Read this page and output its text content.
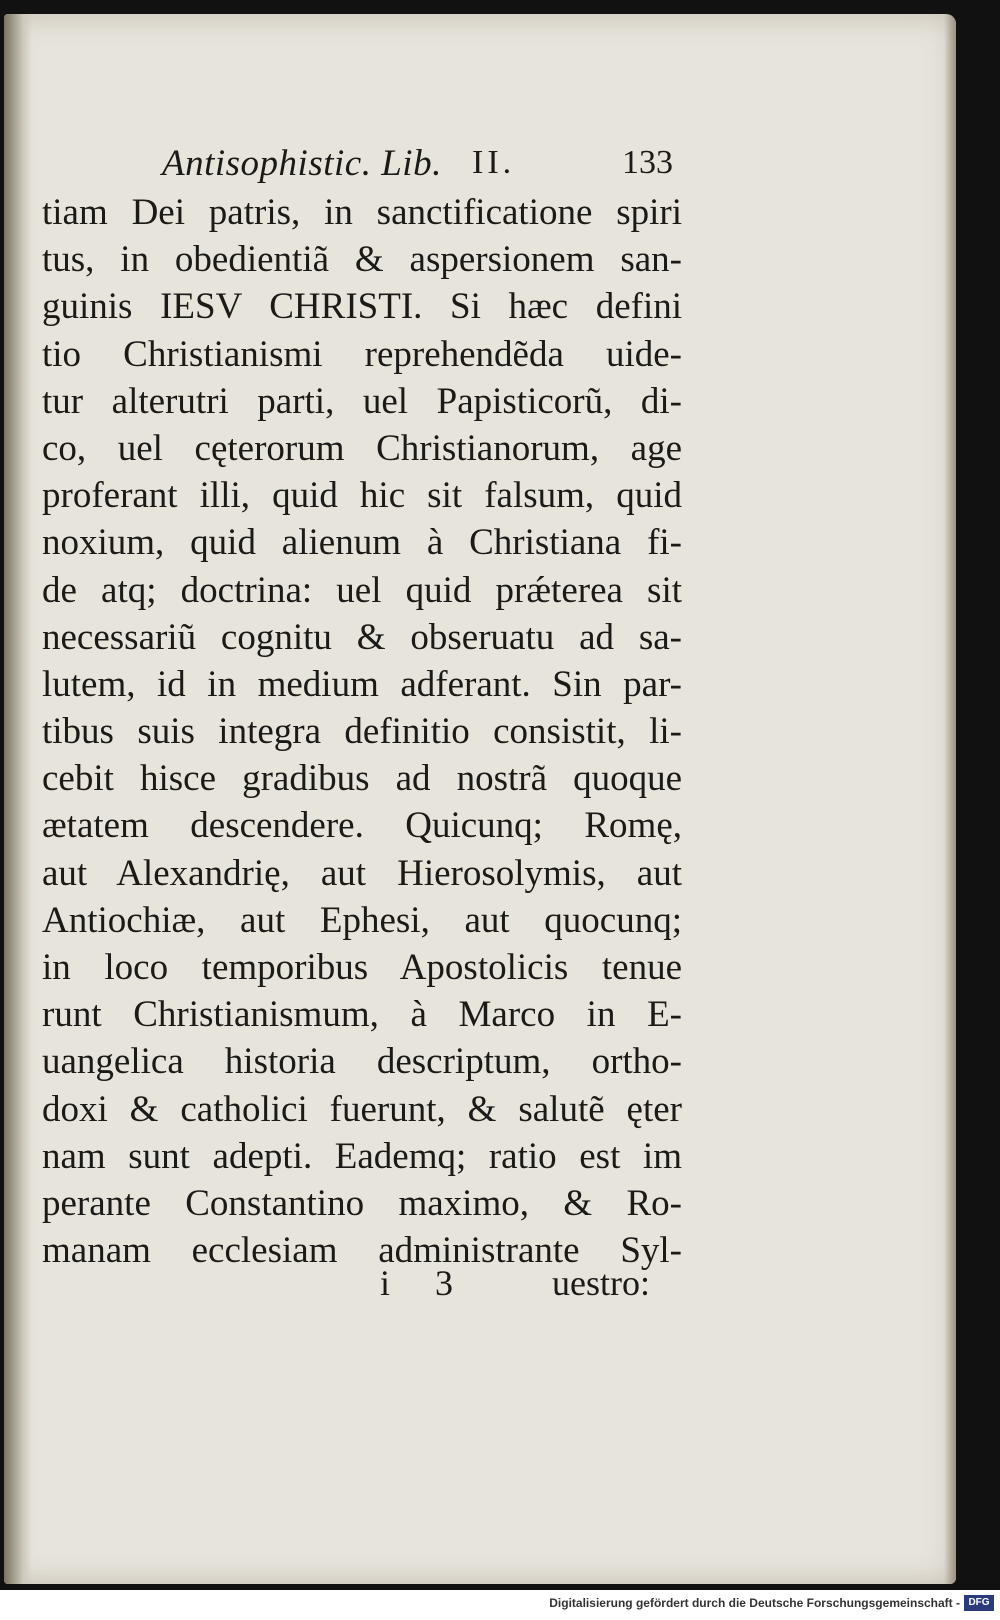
Antisophistic. Lib. II.	133
tiam Dei patris, in sanctificatione spiri
tus, in obedientiã & aspersionem san-
guinis IESV CHRISTI. Si hæc defini
tio Christianismi reprehendẽda uide-
tur alterutri parti, uel Papisticorũ, di-
co, uel cęterorum Christianorum, age
proferant illi, quid hic sit falsum, quid
noxium, quid alienum à Christiana fi-
de atq; doctrina: uel quid prǽterea sit
necessariũ cognitu & obseruatu ad sa-
lutem, id in medium adferant. Sin par-
tibus suis integra definitio consistit, li-
cebit hisce gradibus ad nostrã quoque
ætatem descendere. Quicunq; Romę,
aut Alexandrię, aut Hierosolymis, aut
Antiochiæ, aut Ephesi, aut quocunq;
in loco temporibus Apostolicis tenue
runt Christianismum, à Marco in E-
uangelica historia descriptum, ortho-
doxi & catholici fuerunt, & salutẽ ęter
nam sunt adepti. Eademq; ratio est im
perante Constantino maximo, & Ro-
manam ecclesiam administrante Syl-
i 3 uestro:
Digitalisierung gefördert durch die Deutsche Forschungsgemeinschaft - DFG
